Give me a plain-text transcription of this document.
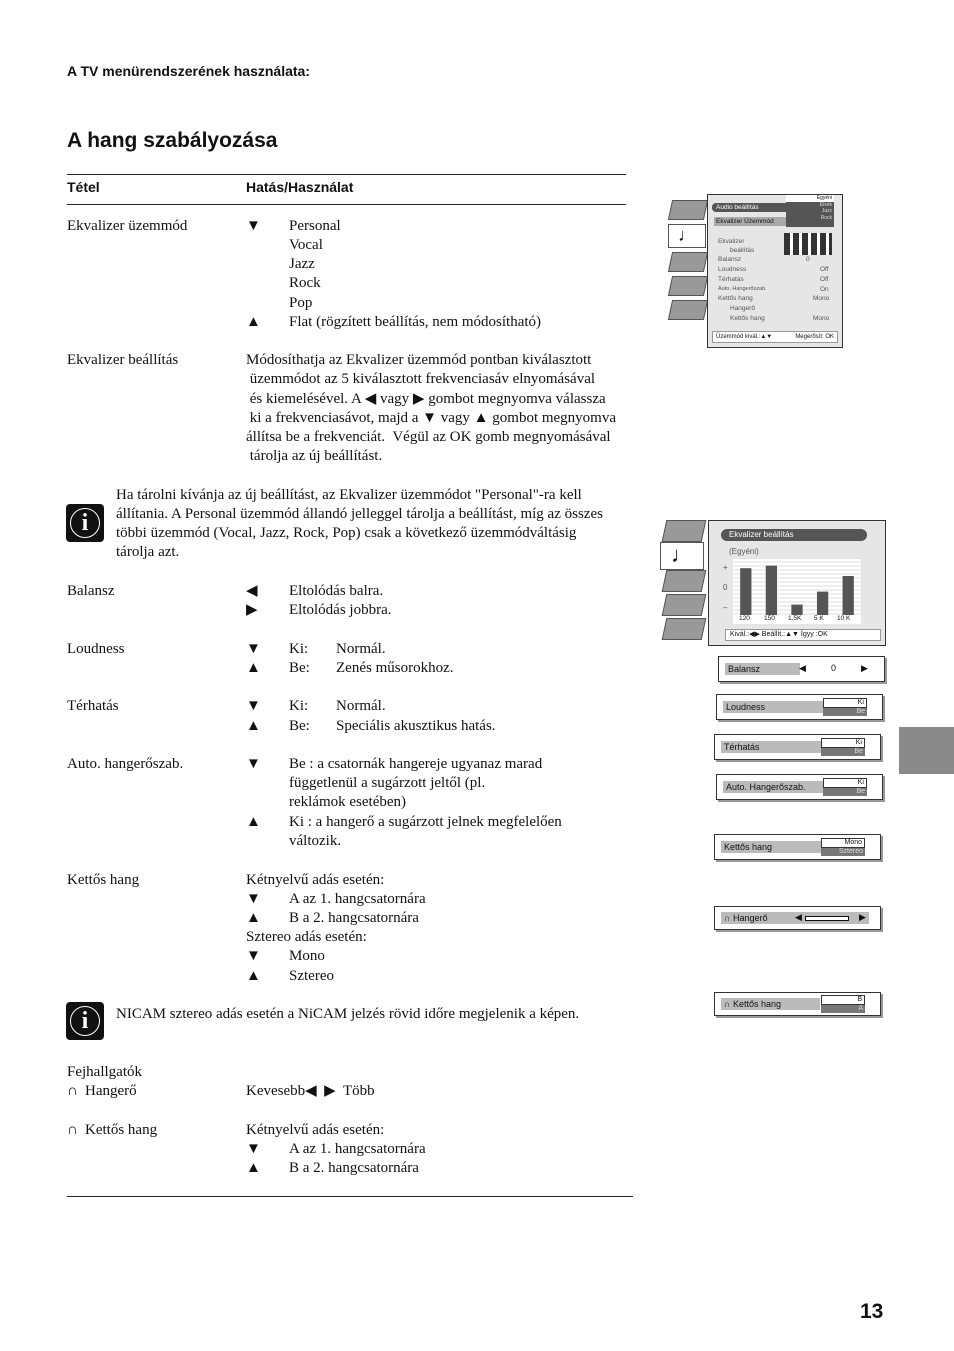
A TV menürendszerének használata:
A hang szabályozása
Tétel	Hatás/Használat
Ekvalizer üzemmód	▼ Personal
Vocal
Jazz
Rock
Pop
▲ Flat (rögzített beállítás, nem módosítható)
Ekvalizer beállítás	Módosíthatja az Ekvalizer üzemmód pontban kiválasztott
üzemmódot az 5 kiválasztott frekvenciasáv elnyomásával
és kiemelésével. A ◀ vagy ▶ gombot megnyomva válassza
ki a frekvenciasávot, majd a ▼ vagy ▲ gombot megnyomva
állítsa be a frekvenciát.  Végül az OK gomb megnyomásával
tárolja az új beállítást.
i
Ha tárolni kívánja az új beállítást, az Ekvalizer üzemmódot "Personal"-ra kell
állítania. A Personal üzemmód állandó jelleggel tárolja a beállítást, míg az összes
többi üzemmód (Vocal, Jazz, Rock, Pop) csak a következő üzemmódváltásig
tárolja azt.
Balansz	◀ Eltolódás balra.
▶ Eltolódás jobbra.
Loudness	▼ Ki: Normál.
▲ Be: Zenés műsorokhoz.
Térhatás	▼ Ki: Normál.
▲ Be: Speciális akusztikus hatás.
Auto. hangerőszab.	▼ Be : a csatornák hangereje ugyanaz marad
függetlenül a sugárzott jeltől (pl.
reklámok esetében)
▲ Ki : a hangerő a sugárzott jelnek megfelelően
változik.
Kettős hang	Kétnyelvű adás esetén:
▼ A az 1. hangcsatornára
▲ B a 2. hangcsatornára
Sztereo adás esetén:
▼ Mono
▲ Sztereo
i	NICAM sztereo adás esetén a NiCAM jelzés rövid időre megjelenik a képen.
Fejhallgatók
∩ Hangerő	Kevesebb◀  ▶  Több
∩ Kettős hang	Kétnyelvű adás esetén:
▼ A az 1. hangcsatornára
▲ B a 2. hangcsatornára
13
♩
Audio beállítás
Ekvalizer Üzemmód
Egyéni
Élsek
Jazz
Rock
Ekvalizer
beállítás
Balansz
Loudness
Térhatás
Auto. Hangerőszab.
Kettős hang
Hangerő
Kettős hang
0
Off
Off
On
Mono
Mono
Üzemmód kivál.:▲▼	Megerősít: OK
♩
Ekvalizer beállítás
(Egyéni)
+
0
–
120 150 1,5K 5 K 10 K
Kivál.:◀▶ Beállít.:▲▼ Ígyy :OK
Balansz	◀	0	▶
Loudness	Ki
Be
Térhatás	Ki
Be
Auto. Hangerőszab.	Ki
Be
Kettős hang	Mono
Sztereo
∩ Hangerő	◀	▶
∩ Kettős hang	B
A
